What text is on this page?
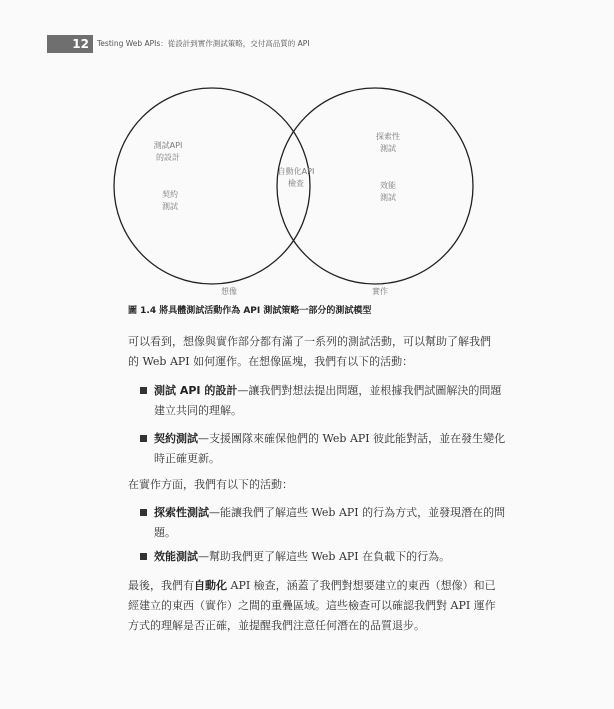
12	Testing Web APIs：從設計到實作測試策略，交付高品質的 API
測試API
的設計
契約
測試
自動化API
檢查
探索性
測試
效能
測試
想像	實作
圖 1.4 將具體測試活動作為 API 測試策略一部分的測試模型
可以看到，想像與實作部分都有滿了一系列的測試活動，可以幫助了解我們
的 Web API 如何運作。在想像區塊，我們有以下的活動：
測試 API 的設計—讓我們對想法提出問題，並根據我們試圖解決的問題
建立共同的理解。
契約測試—支援團隊來確保他們的 Web API 彼此能對話，並在發生變化
時正確更新。
在實作方面，我們有以下的活動：
探索性測試—能讓我們了解這些 Web API 的行為方式，並發現潛在的問
題。
效能測試—幫助我們更了解這些 Web API 在負載下的行為。
最後，我們有自動化 API 檢查，涵蓋了我們對想要建立的東西（想像）和已
經建立的東西（實作）之間的重疊區域。這些檢查可以確認我們對 API 運作
方式的理解是否正確，並提醒我們注意任何潛在的品質退步。
